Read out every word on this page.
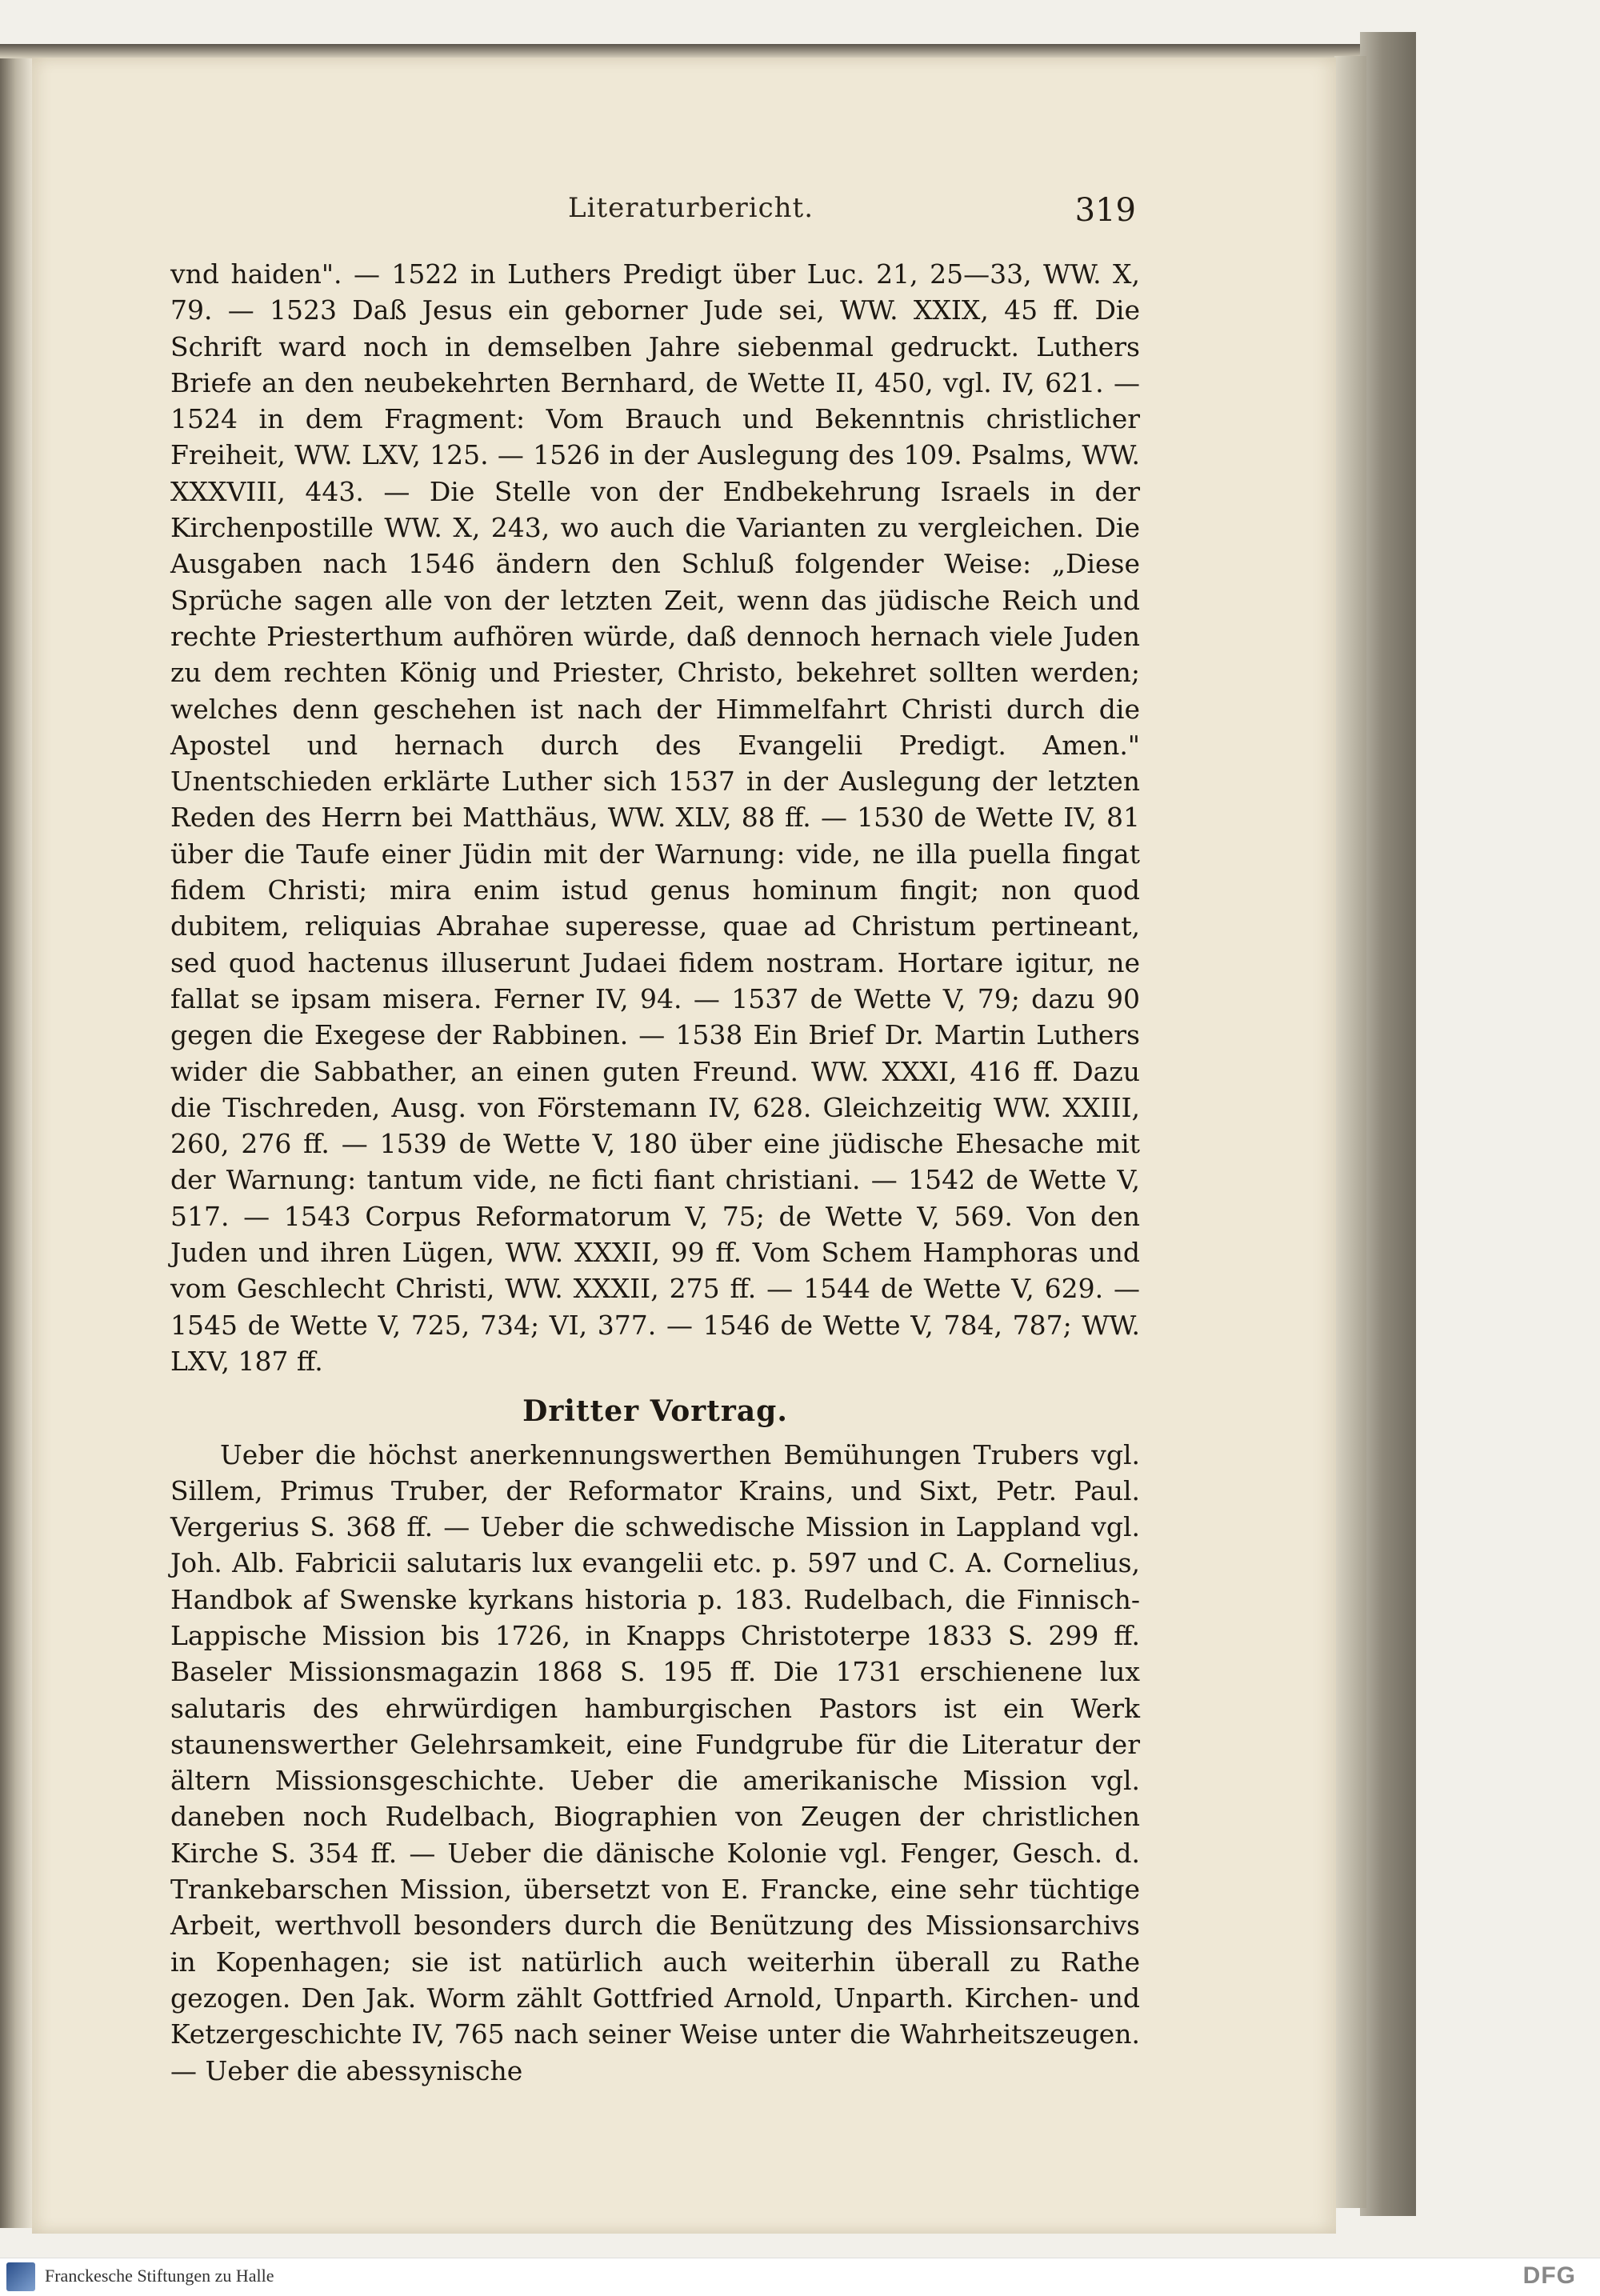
Literaturbericht.	319

vnd haiden". — 1522 in Luthers Predigt über Luc. 21, 25—33, WW. X, 79. — 1523 Daß Jesus ein geborner Jude sei, WW. XXIX, 45 ff. Die Schrift ward noch in demselben Jahre siebenmal gedruckt. Luthers Briefe an den neubekehrten Bernhard, de Wette II, 450, vgl. IV, 621. — 1524 in dem Fragment: Vom Brauch und Bekenntnis christlicher Freiheit, WW. LXV, 125. — 1526 in der Auslegung des 109. Psalms, WW. XXXVIII, 443. — Die Stelle von der Endbekehrung Israels in der Kirchenpostille WW. X, 243, wo auch die Varianten zu vergleichen. Die Ausgaben nach 1546 ändern den Schluß folgender Weise: „Diese Sprüche sagen alle von der letzten Zeit, wenn das jüdische Reich und rechte Priesterthum aufhören würde, daß dennoch hernach viele Juden zu dem rechten König und Priester, Christo, bekehret sollten werden; welches denn geschehen ist nach der Himmelfahrt Christi durch die Apostel und hernach durch des Evangelii Predigt. Amen." Unentschieden erklärte Luther sich 1537 in der Auslegung der letzten Reden des Herrn bei Matthäus, WW. XLV, 88 ff. — 1530 de Wette IV, 81 über die Taufe einer Jüdin mit der Warnung: vide, ne illa puella fingat fidem Christi; mira enim istud genus hominum fingit; non quod dubitem, reliquias Abrahae superesse, quae ad Christum pertineant, sed quod hactenus illuserunt Judaei fidem nostram. Hortare igitur, ne fallat se ipsam misera. Ferner IV, 94. — 1537 de Wette V, 79; dazu 90 gegen die Exegese der Rabbinen. — 1538 Ein Brief Dr. Martin Luthers wider die Sabbather, an einen guten Freund. WW. XXXI, 416 ff. Dazu die Tischreden, Ausg. von Förstemann IV, 628. Gleichzeitig WW. XXIII, 260, 276 ff. — 1539 de Wette V, 180 über eine jüdische Ehesache mit der Warnung: tantum vide, ne ficti fiant christiani. — 1542 de Wette V, 517. — 1543 Corpus Reformatorum V, 75; de Wette V, 569. Von den Juden und ihren Lügen, WW. XXXII, 99 ff. Vom Schem Hamphoras und vom Geschlecht Christi, WW. XXXII, 275 ff. — 1544 de Wette V, 629. — 1545 de Wette V, 725, 734; VI, 377. — 1546 de Wette V, 784, 787; WW. LXV, 187 ff.

Dritter Vortrag.

Ueber die höchst anerkennungswerthen Bemühungen Trubers vgl. Sillem, Primus Truber, der Reformator Krains, und Sixt, Petr. Paul. Vergerius S. 368 ff. — Ueber die schwedische Mission in Lappland vgl. Joh. Alb. Fabricii salutaris lux evangelii etc. p. 597 und C. A. Cornelius, Handbok af Swenske kyrkans historia p. 183. Rudelbach, die Finnisch-Lappische Mission bis 1726, in Knapps Christoterpe 1833 S. 299 ff. Baseler Missionsmagazin 1868 S. 195 ff. Die 1731 erschienene lux salutaris des ehrwürdigen hamburgischen Pastors ist ein Werk staunenswerther Gelehrsamkeit, eine Fundgrube für die Literatur der ältern Missionsgeschichte. Ueber die amerikanische Mission vgl. daneben noch Rudelbach, Biographien von Zeugen der christlichen Kirche S. 354 ff. — Ueber die dänische Kolonie vgl. Fenger, Gesch. d. Trankebarschen Mission, übersetzt von E. Francke, eine sehr tüchtige Arbeit, werthvoll besonders durch die Benützung des Missionsarchivs in Kopenhagen; sie ist natürlich auch weiterhin überall zu Rathe gezogen. Den Jak. Worm zählt Gottfried Arnold, Unparth. Kirchen- und Ketzergeschichte IV, 765 nach seiner Weise unter die Wahrheitszeugen. — Ueber die abessynische

Franckesche Stiftungen zu Halle	DFG
